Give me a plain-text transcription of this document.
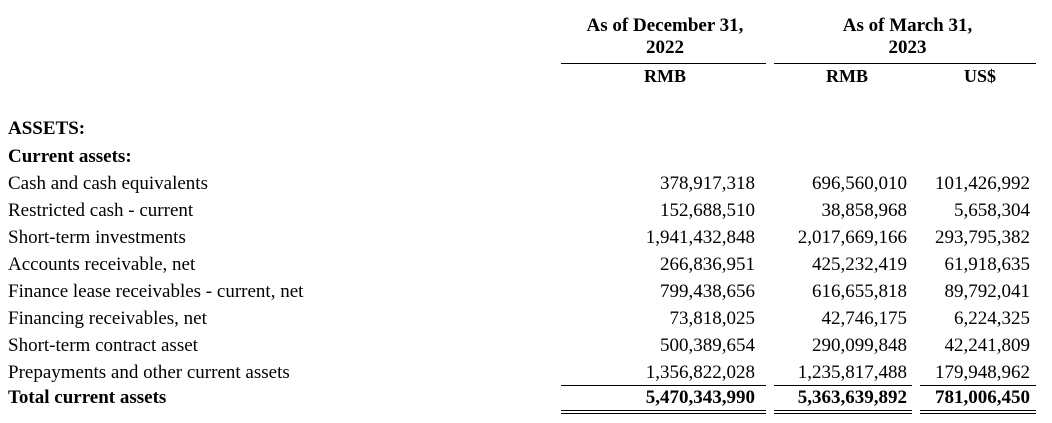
As of December 31,
2022
As of March 31,
2023
RMB	RMB	US$
ASSETS:
Current assets:
Cash and cash equivalents	378,917,318	696,560,010 101,426,992
Restricted cash - current	152,688,510	38,858,968 5,658,304
Short-term investments	1,941,432,848 2,017,669,166 293,795,382
Accounts receivable, net	266,836,951	425,232,419 61,918,635
Finance lease receivables - current, net	799,438,656	616,655,818 89,792,041
Financing receivables, net	73,818,025	42,746,175 6,224,325
Short-term contract asset	500,389,654	290,099,848 42,241,809
Prepayments and other current assets	1,356,822,028 1,235,817,488 179,948,962
Total current assets	5,470,343,990 5,363,639,892 781,006,450
